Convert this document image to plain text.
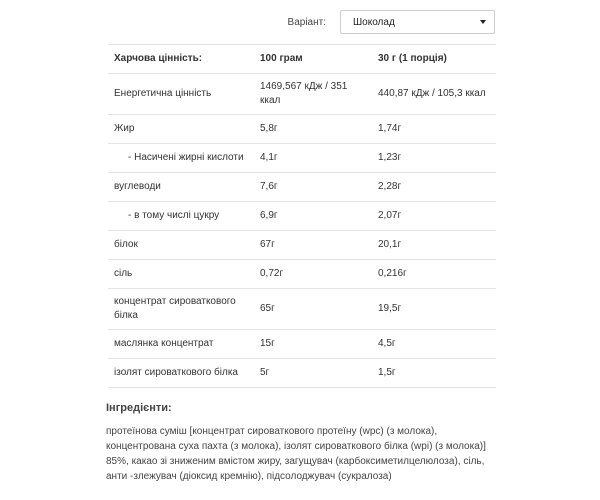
Варіант:	Шоколад
Харчова цінність:	100 грам	30 г (1 порція)
Енергетична цінність	1469,567 кДж / 351 ккал	440,87 кДж / 105,3 ккал
Жир	5,8г	1,74г
- Насичені жирні кислоти	4,1г	1,23г
вуглеводи	7,6г	2,28г
- в тому числі цукру	6,9г	2,07г
білок	67г	20,1г
сіль	0,72г	0,216г
концентрат сироваткового білка	65г	19,5г
маслянка концентрат	15г	4,5г
ізолят сироваткового білка	5г	1,5г
Інгредієнти:
протеїнова суміш [концентрат сироваткового протеїну (wpc) (з молока), концентрована суха пахта (з молока), ізолят сироваткового білка (wpi) (з молока)] 85%, какао зі зниженим вмістом жиру, загущувач (карбоксиметилцелюлоза), сіль, анти -злежувач (діоксид кремнію), підсолоджувач (сукралоза)
